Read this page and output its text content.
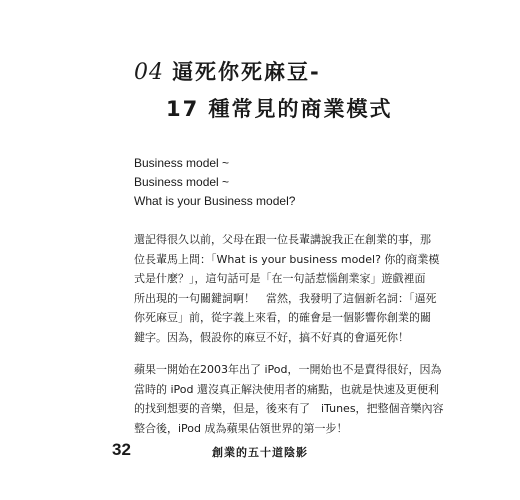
04 逼死你死麻豆-
17 種常見的商業模式
Business model ~
Business model ~
What is your Business model?
還記得很久以前，父母在跟一位長輩講說我正在創業的事，那
位長輩馬上問：「What is your business model? 你的商業模
式是什麼？」，這句話可是「在一句話惹惱創業家」遊戲裡面
所出現的一句關鍵詞啊！　當然，我發明了這個新名詞：「逼死
你死麻豆」前，從字義上來看，的確會是一個影響你創業的關
鍵字。因為，假設你的麻豆不好，搞不好真的會逼死你！
蘋果一開始在2003年出了 iPod，一開始也不是賣得很好，因為
當時的 iPod 還沒真正解決使用者的痛點，也就是快速及更便利
的找到想要的音樂，但是，後來有了　iTunes，把整個音樂內容
整合後，iPod 成為蘋果佔領世界的第一步！
32	創業的五十道陰影
